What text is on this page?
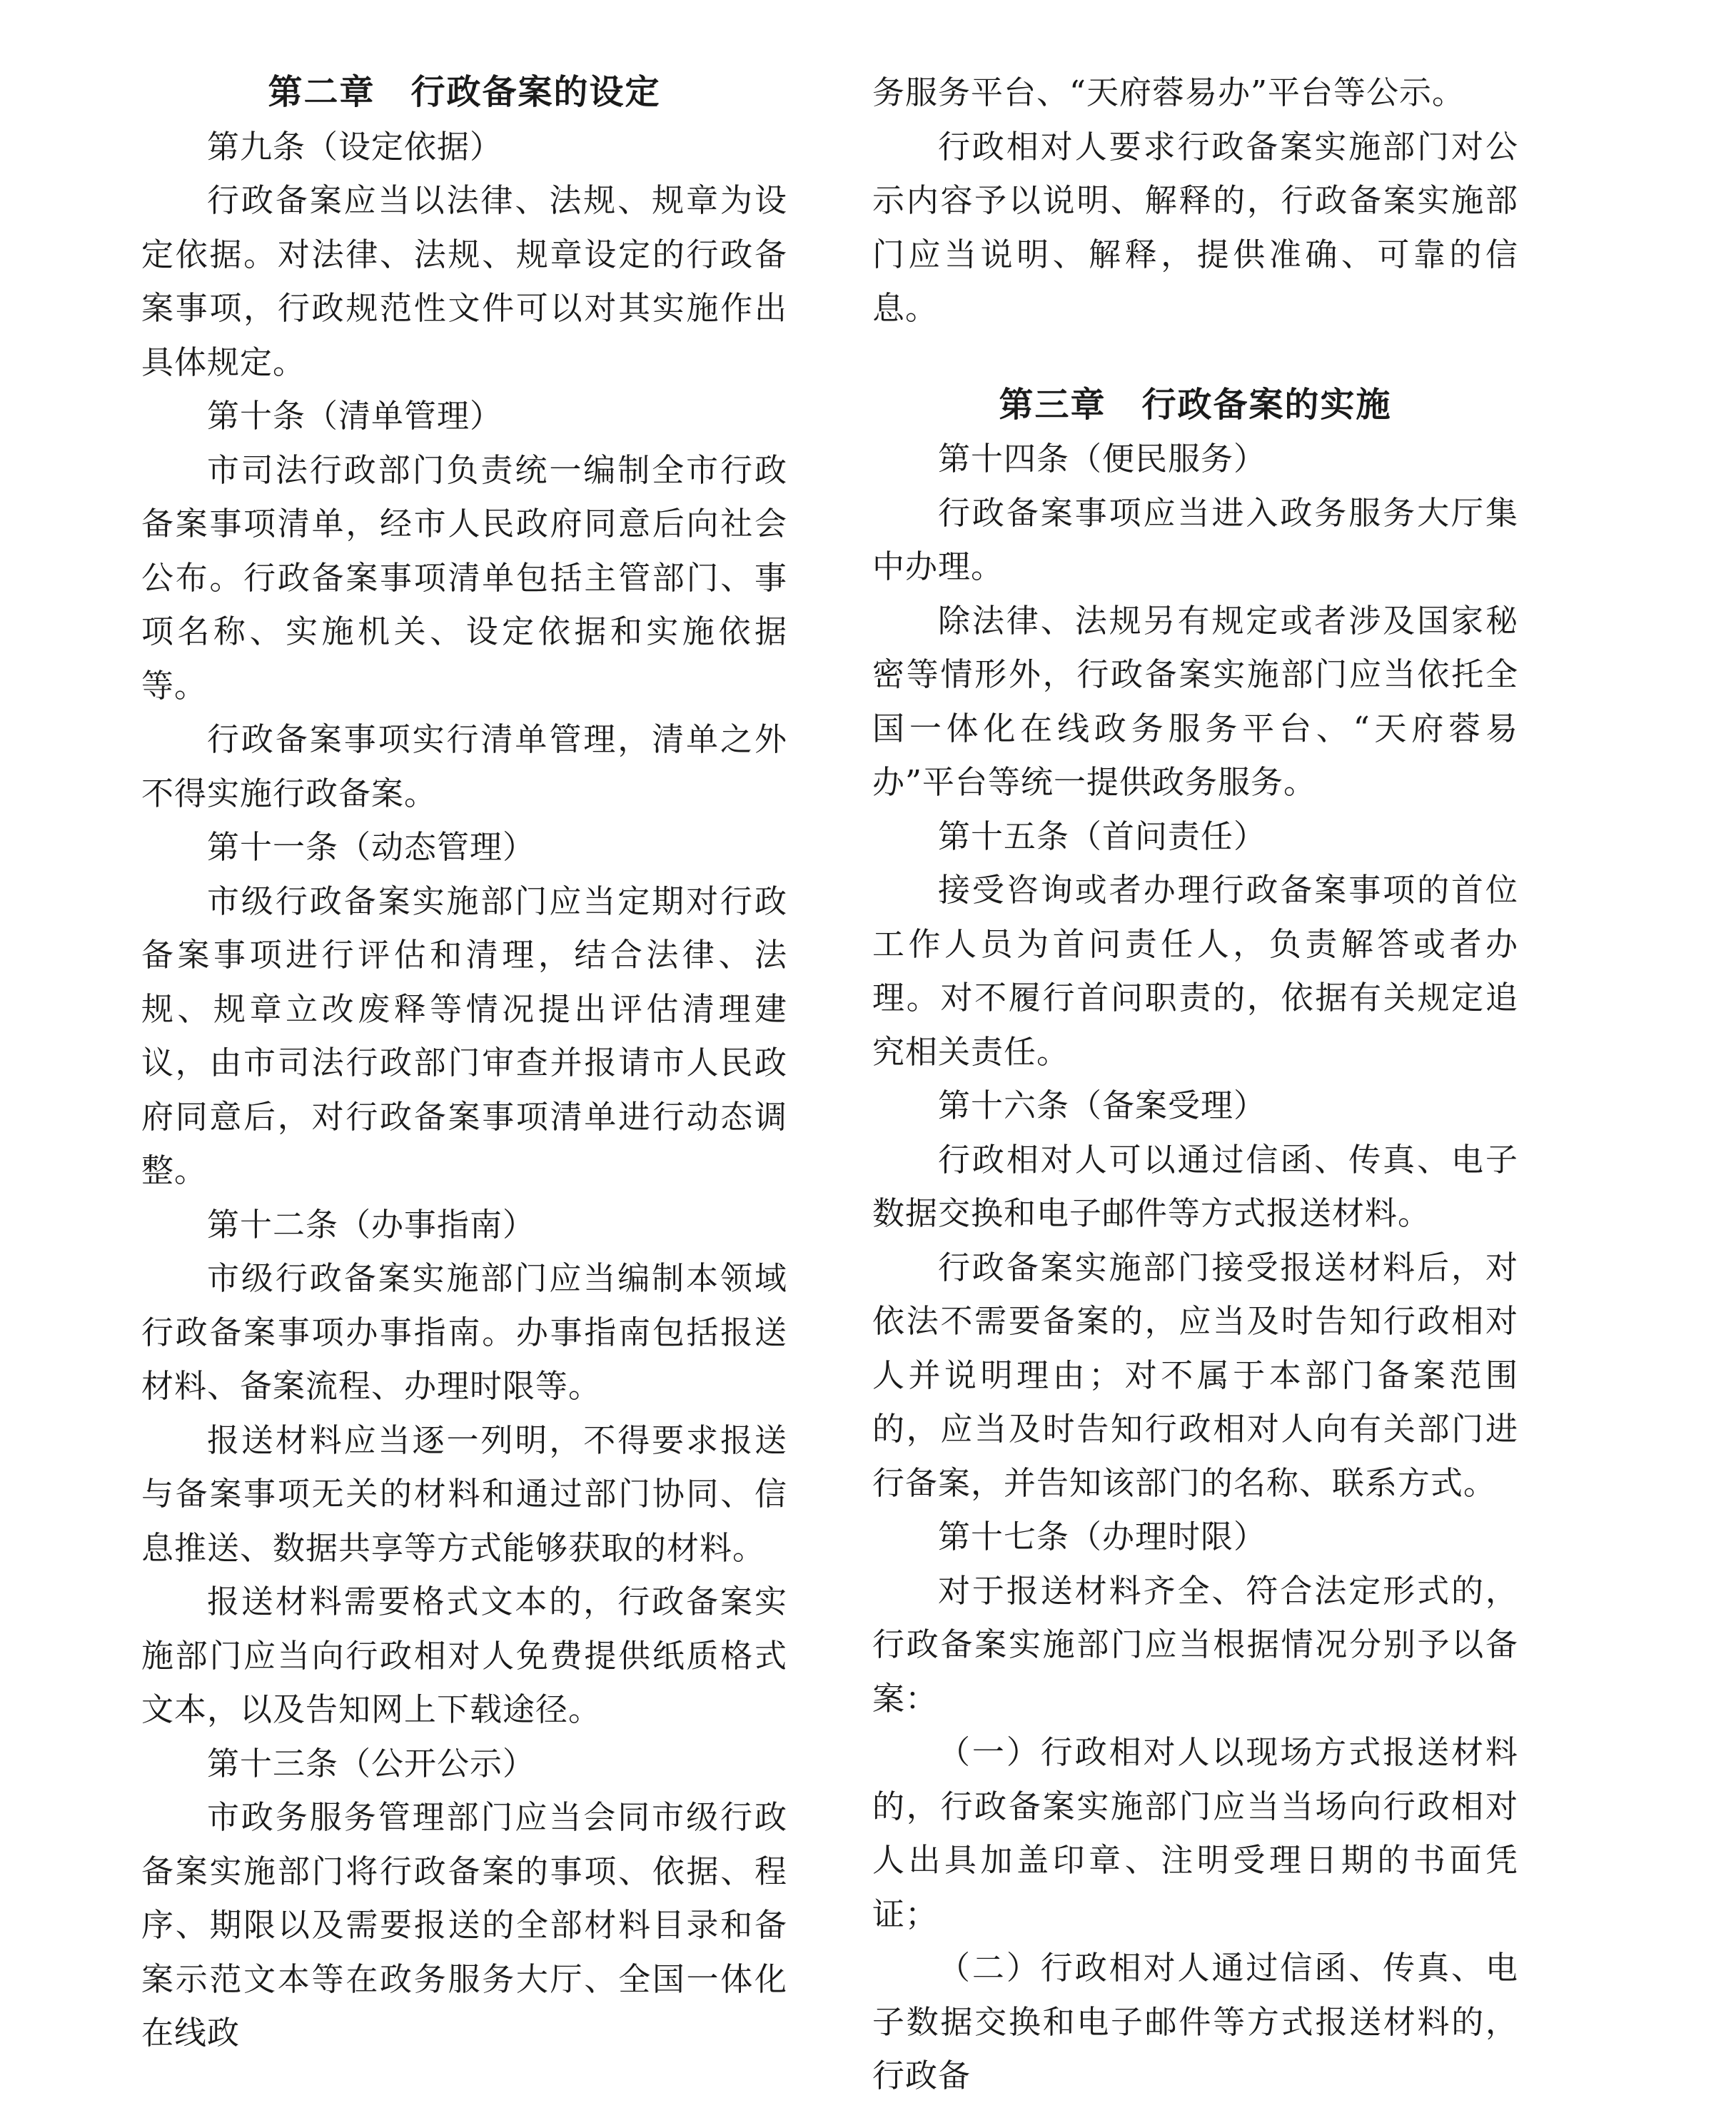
第二章　行政备案的设定

第九条（设定依据）

行政备案应当以法律、法规、规章为设定依据。对法律、法规、规章设定的行政备案事项，行政规范性文件可以对其实施作出具体规定。

第十条（清单管理）

市司法行政部门负责统一编制全市行政备案事项清单，经市人民政府同意后向社会公布。行政备案事项清单包括主管部门、事项名称、实施机关、设定依据和实施依据等。

行政备案事项实行清单管理，清单之外不得实施行政备案。

第十一条（动态管理）

市级行政备案实施部门应当定期对行政备案事项进行评估和清理，结合法律、法规、规章立改废释等情况提出评估清理建议，由市司法行政部门审查并报请市人民政府同意后，对行政备案事项清单进行动态调整。

第十二条（办事指南）

市级行政备案实施部门应当编制本领域行政备案事项办事指南。办事指南包括报送材料、备案流程、办理时限等。

报送材料应当逐一列明，不得要求报送与备案事项无关的材料和通过部门协同、信息推送、数据共享等方式能够获取的材料。

报送材料需要格式文本的，行政备案实施部门应当向行政相对人免费提供纸质格式文本，以及告知网上下载途径。

第十三条（公开公示）

市政务服务管理部门应当会同市级行政备案实施部门将行政备案的事项、依据、程序、期限以及需要报送的全部材料目录和备案示范文本等在政务服务大厅、全国一体化在线政

务服务平台、“天府蓉易办”平台等公示。

行政相对人要求行政备案实施部门对公示内容予以说明、解释的，行政备案实施部门应当说明、解释，提供准确、可靠的信息。

第三章　行政备案的实施

第十四条（便民服务）

行政备案事项应当进入政务服务大厅集中办理。

除法律、法规另有规定或者涉及国家秘密等情形外，行政备案实施部门应当依托全国一体化在线政务服务平台、“天府蓉易办”平台等统一提供政务服务。

第十五条（首问责任）

接受咨询或者办理行政备案事项的首位工作人员为首问责任人，负责解答或者办理。对不履行首问职责的，依据有关规定追究相关责任。

第十六条（备案受理）

行政相对人可以通过信函、传真、电子数据交换和电子邮件等方式报送材料。

行政备案实施部门接受报送材料后，对依法不需要备案的，应当及时告知行政相对人并说明理由；对不属于本部门备案范围的，应当及时告知行政相对人向有关部门进行备案，并告知该部门的名称、联系方式。

第十七条（办理时限）

对于报送材料齐全、符合法定形式的，行政备案实施部门应当根据情况分别予以备案：

（一）行政相对人以现场方式报送材料的，行政备案实施部门应当当场向行政相对人出具加盖印章、注明受理日期的书面凭证；

（二）行政相对人通过信函、传真、电子数据交换和电子邮件等方式报送材料的，行政备
